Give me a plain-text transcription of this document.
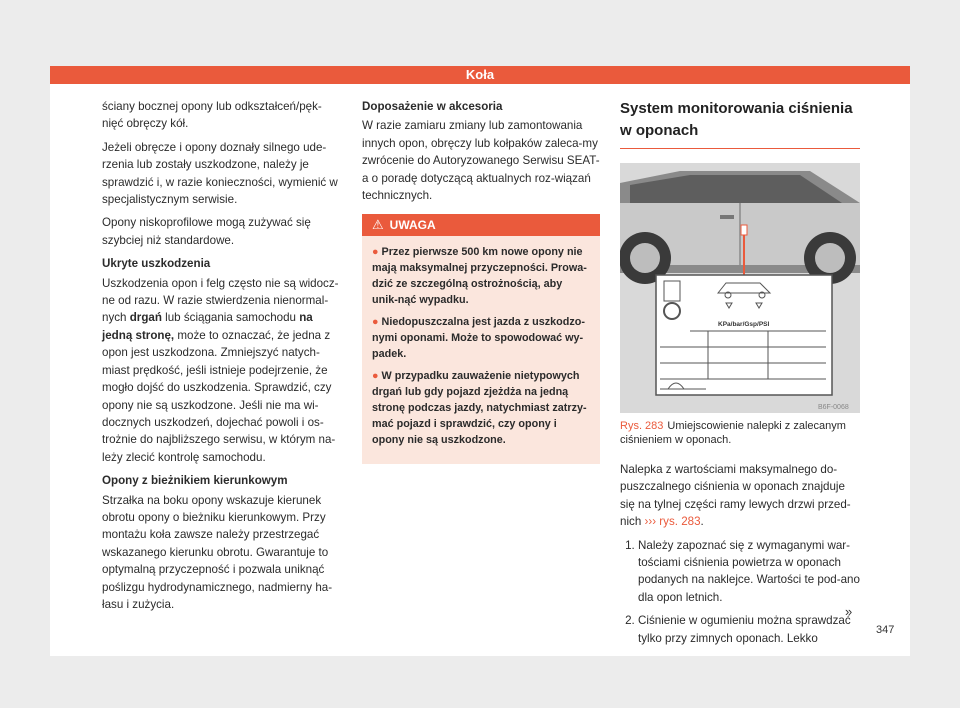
Koła

ściany bocznej opony lub odkształceń/pęk-nięć obręczy kół.

Jeżeli obręcze i opony doznały silnego ude-rzenia lub zostały uszkodzone, należy je sprawdzić i, w razie konieczności, wymienić w specjalistycznym serwisie.

Opony niskoprofilowe mogą zużywać się szybciej niż standardowe.

Ukryte uszkodzenia

Uszkodzenia opon i felg często nie są widocz-ne od razu. W razie stwierdzenia nienormal-nych drgań lub ściągania samochodu na jedną stronę, może to oznaczać, że jedna z opon jest uszkodzona. Zmniejszyć natych-miast prędkość, jeśli istnieje podejrzenie, że mogło dojść do uszkodzenia. Sprawdzić, czy opony nie są uszkodzone. Jeśli nie ma wi-docznych uszkodzeń, dojechać powoli i os-trożnie do najbliższego serwisu, w którym na-leży zlecić kontrolę samochodu.

Opony z bieżnikiem kierunkowym

Strzałka na boku opony wskazuje kierunek obrotu opony o bieżniku kierunkowym. Przy montażu koła zawsze należy przestrzegać wskazanego kierunku obrotu. Gwarantuje to optymalną przyczepność i pozwala uniknąć poślizgu hydrodynamicznego, nadmierny ha-łasu i zużycia.

Doposażenie w akcesoria

W razie zamiaru zmiany lub zamontowania innych opon, obręczy lub kołpaków zaleca-my zwrócenie do Autoryzowanego Serwisu SEAT-a o poradę dotyczącą aktualnych roz-wiązań technicznych.

⚠ UWAGA
● Przez pierwsze 500 km nowe opony nie mają maksymalnej przyczepności. Prowa-dzić ze szczególną ostrożnością, aby unik-nąć wypadku.
● Niedopuszczalna jest jazda z uszkodzo-nymi oponami. Może to spowodować wy-padek.
● W przypadku zauważenie nietypowych drgań lub gdy pojazd zjeżdża na jedną stronę podczas jazdy, natychmiast zatrzy-mać pojazd i sprawdzić, czy opony i opony nie są uszkodzone.
System monitorowania ciśnienia w oponach
KPa/bar/Gsp/PSI
B6F-0068
Rys. 283 Umiejscowienie nalepki z zalecanym ciśnieniem w oponach.

Nalepka z wartościami maksymalnego do-puszczalnego ciśnienia w oponach znajduje się na tylnej części ramy lewych drzwi przed-nich ››› rys. 283.

1. Należy zapoznać się z wymaganymi war-tościami ciśnienia powietrza w oponach podanych na naklejce. Wartości te pod-ano dla opon letnich.
2. Ciśnienie w ogumieniu można sprawdzać tylko przy zimnych oponach. Lekko
»
347
